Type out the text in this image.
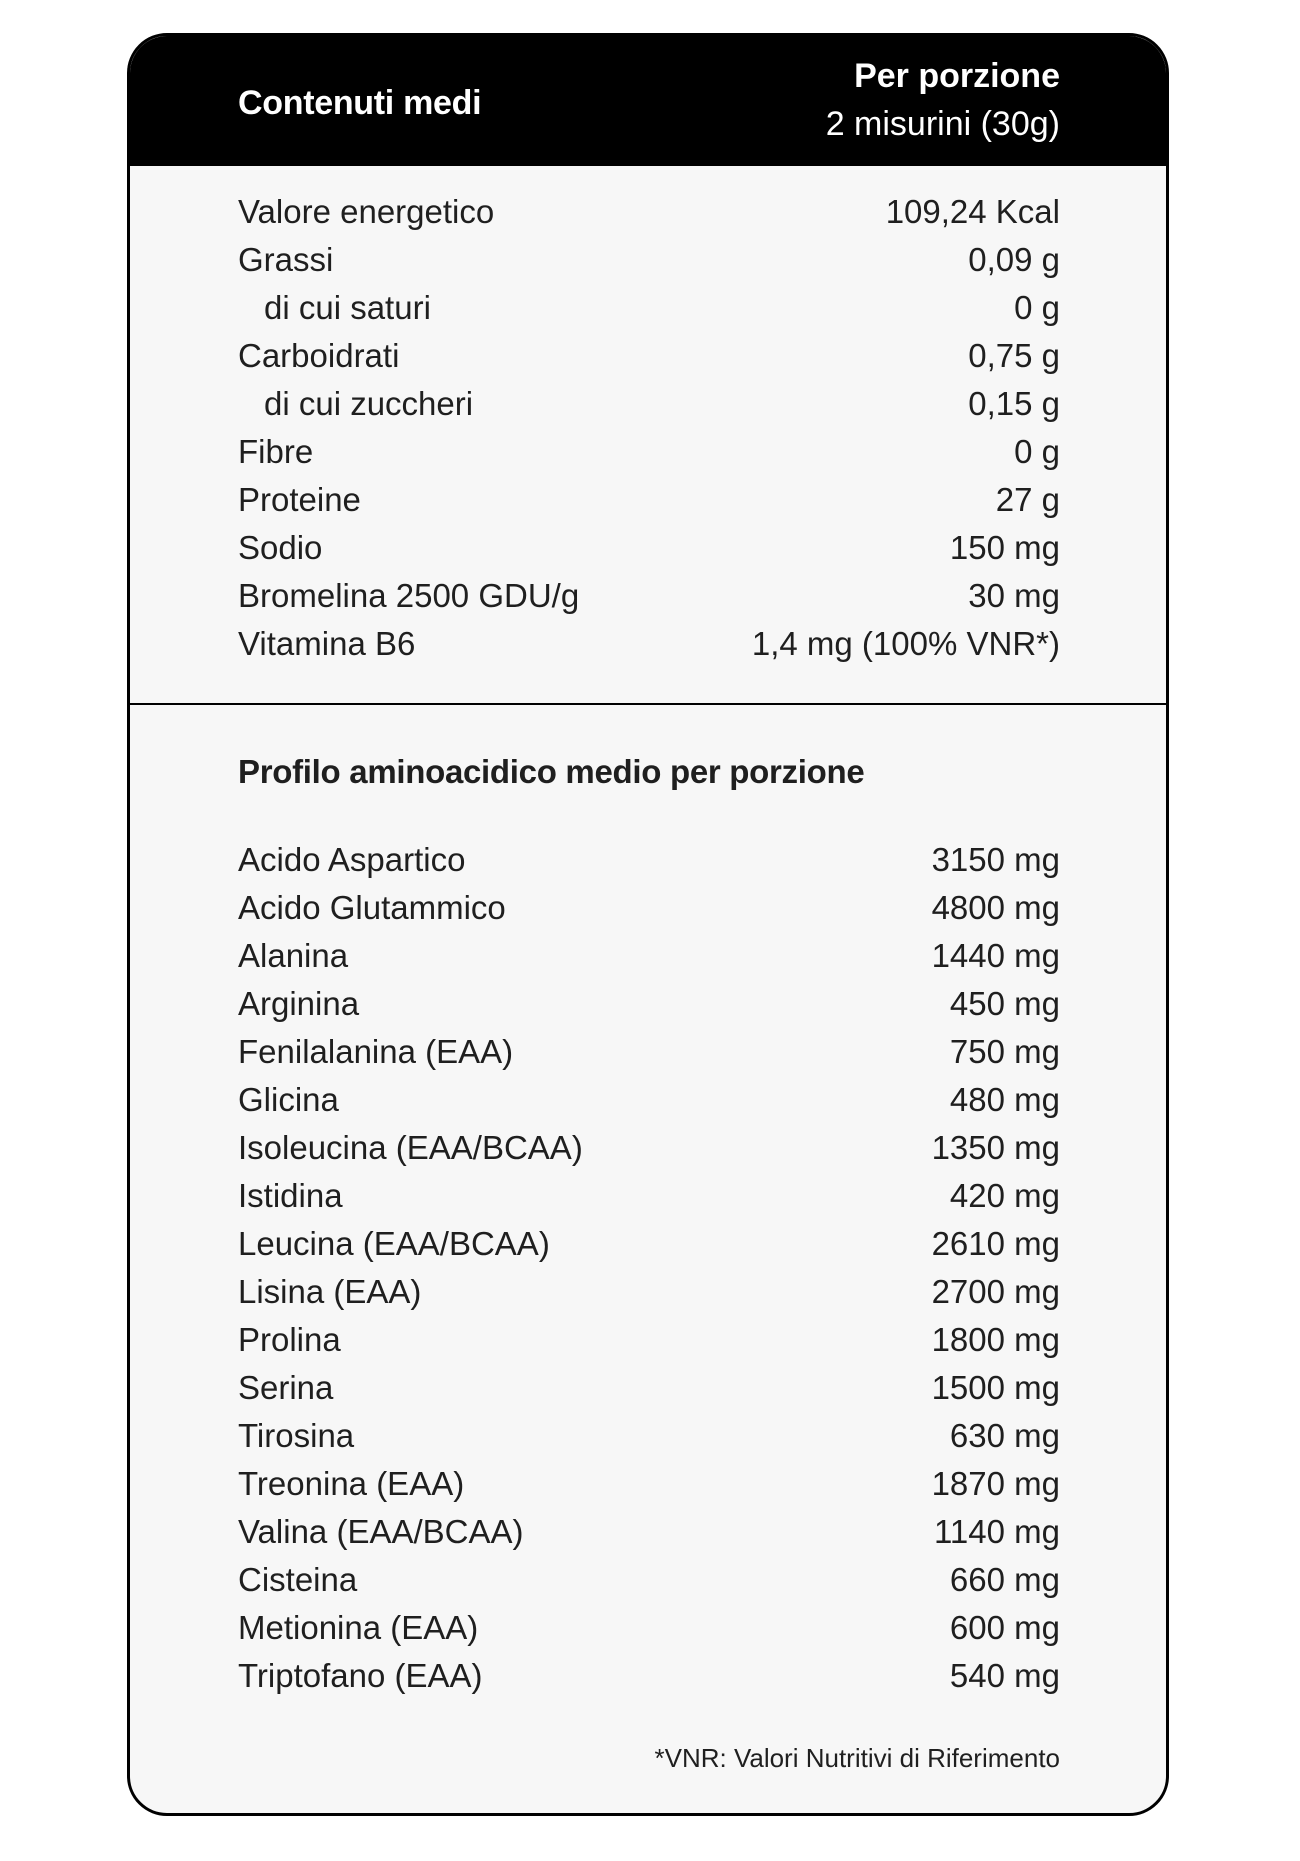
Contenuti medi
Per porzione
2 misurini (30g)
Valore energetico	109,24 Kcal
Grassi	0,09 g
di cui saturi	0 g
Carboidrati	0,75 g
di cui zuccheri	0,15 g
Fibre	0 g
Proteine	27 g
Sodio	150 mg
Bromelina 2500 GDU/g	30 mg
Vitamina B6	1,4 mg (100% VNR*)
Profilo aminoacidico medio per porzione
Acido Aspartico	3150 mg
Acido Glutammico	4800 mg
Alanina	1440 mg
Arginina	450 mg
Fenilalanina (EAA)	750 mg
Glicina	480 mg
Isoleucina (EAA/BCAA)	1350 mg
Istidina	420 mg
Leucina (EAA/BCAA)	2610 mg
Lisina (EAA)	2700 mg
Prolina	1800 mg
Serina	1500 mg
Tirosina	630 mg
Treonina (EAA)	1870 mg
Valina (EAA/BCAA)	1140 mg
Cisteina	660 mg
Metionina (EAA)	600 mg
Triptofano (EAA)	540 mg
*VNR: Valori Nutritivi di Riferimento
